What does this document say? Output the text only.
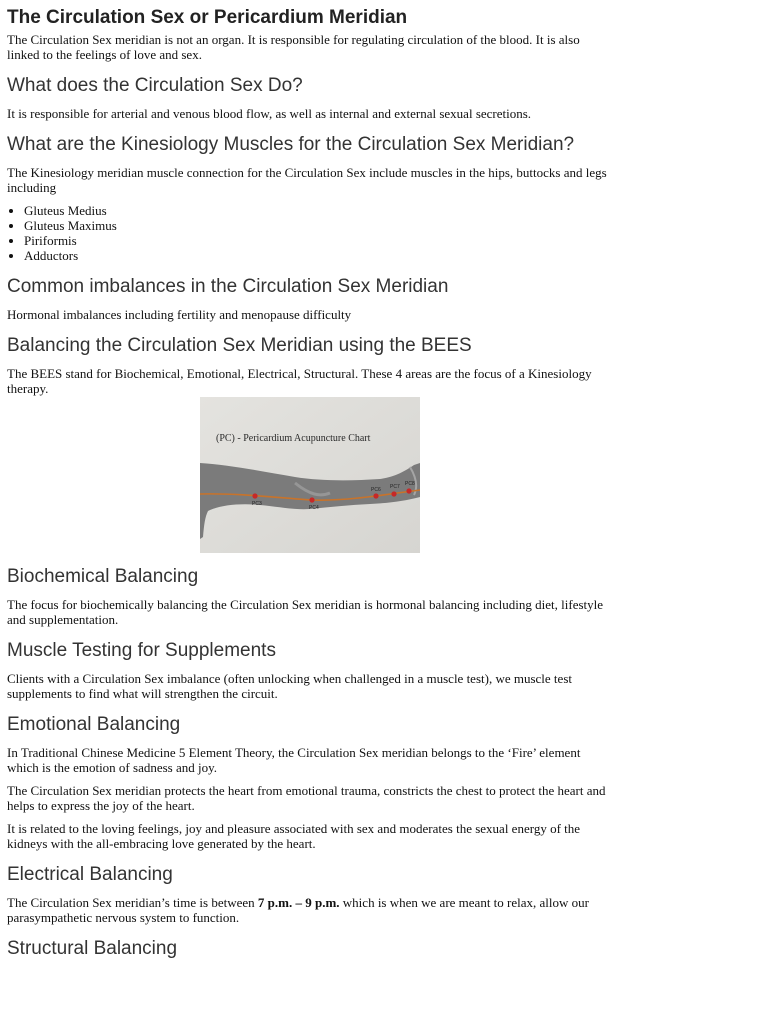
The Circulation Sex or Pericardium Meridian

The Circulation Sex meridian is not an organ. It is responsible for regulating circulation of the blood. It is also linked to the feelings of love and sex.

What does the Circulation Sex Do?

It is responsible for arterial and venous blood flow, as well as internal and external sexual secretions.

What are the Kinesiology Muscles for the Circulation Sex Meridian?

The Kinesiology meridian muscle connection for the Circulation Sex include muscles in the hips, buttocks and legs including

• Gluteus Medius
• Gluteus Maximus
• Piriformis
• Adductors
Common imbalances in the Circulation Sex Meridian

Hormonal imbalances including fertility and menopause difficulty

Balancing the Circulation Sex Meridian using the BEES

The BEES stand for Biochemical, Emotional, Electrical, Structural. These 4 areas are the focus of a Kinesiology therapy.

PC3
PC4
PC6 PC7 PC8
(PC) - Pericardium Acupuncture Chart
Biochemical Balancing

The focus for biochemically balancing the Circulation Sex meridian is hormonal balancing including diet, lifestyle and supplementation.

Muscle Testing for Supplements

Clients with a Circulation Sex imbalance (often unlocking when challenged in a muscle test), we muscle test supplements to find what will strengthen the circuit.

Emotional Balancing

In Traditional Chinese Medicine 5 Element Theory, the Circulation Sex meridian belongs to the ‘Fire’ element which is the emotion of sadness and joy.

The Circulation Sex meridian protects the heart from emotional trauma, constricts the chest to protect the heart and helps to express the joy of the heart.

It is related to the loving feelings, joy and pleasure associated with sex and moderates the sexual energy of the kidneys with the all-embracing love generated by the heart.

Electrical Balancing

The Circulation Sex meridian’s time is between 7 p.m. – 9 p.m. which is when we are meant to relax, allow our parasympathetic nervous system to function.

Structural Balancing
